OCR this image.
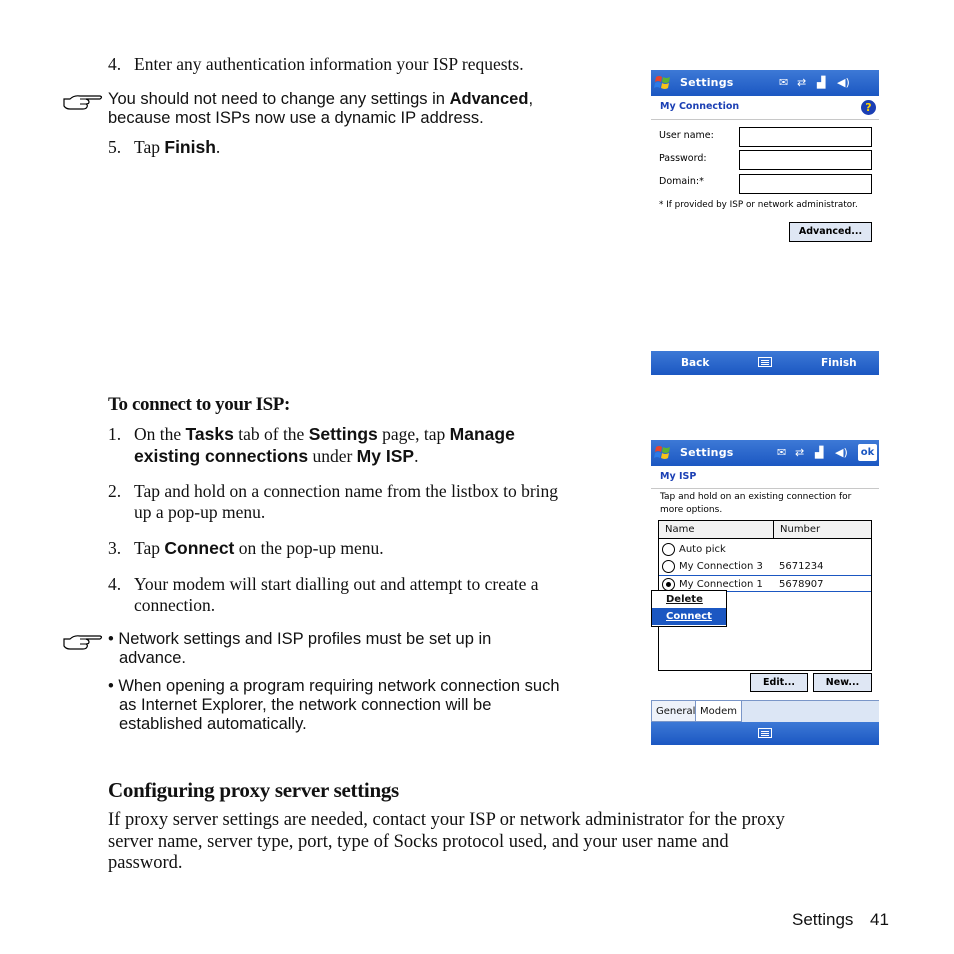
4. Enter any authentication information your ISP requests.
You should not need to change any settings in Advanced,
because most ISPs now use a dynamic IP address.
5. Tap Finish.
Settings	✉ ⇄ ▟ ◀)
My Connection	?
User name:
Password:
Domain:*
* If provided by ISP or network administrator.
Advanced...
Back	Finish
To connect to your ISP:
1. On the Tasks tab of the Settings page, tap Manage
existing connections under My ISP.
2. Tap and hold on a connection name from the listbox to bring
up a pop-up menu.
3. Tap Connect on the pop-up menu.
4. Your modem will start dialling out and attempt to create a
connection.
• Network settings and ISP profiles must be set up in
advance.
• When opening a program requiring network connection such
as Internet Explorer, the network connection will be
established automatically.
Settings	✉ ⇄ ▟ ◀) ok
My ISP
Tap and hold on an existing connection for
more options.
Name	Number
Auto pick
My Connection 3 5671234
My Connection 1 5678907
Delete
Connect
Edit...	New...
General Modem
Configuring proxy server settings
If proxy server settings are needed, contact your ISP or network administrator for the proxy
server name, server type, port, type of Socks protocol used, and your user name and
password.
Settings 41
